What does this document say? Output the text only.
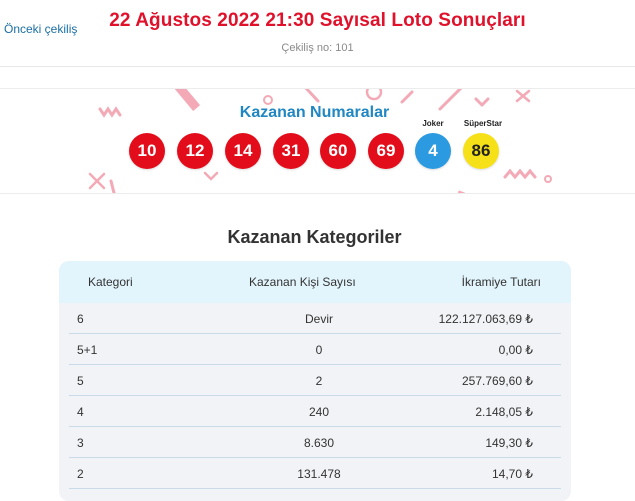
Önceki çekiliş	22 Ağustos 2022 21:30 Sayısal Loto Sonuçları
Çekiliş no: 101
Kazanan Numaralar
10	12	14	31	60	69
Joker
4
SüperStar
86
Kazanan Kategoriler
Kategori	Kazanan Kişi Sayısı	İkramiye Tutarı
6	Devir	122.127.063,69 ₺
5+1	0	0,00 ₺
5	2	257.769,60 ₺
4	240	2.148,05 ₺
3	8.630	149,30 ₺
2	131.478	14,70 ₺
